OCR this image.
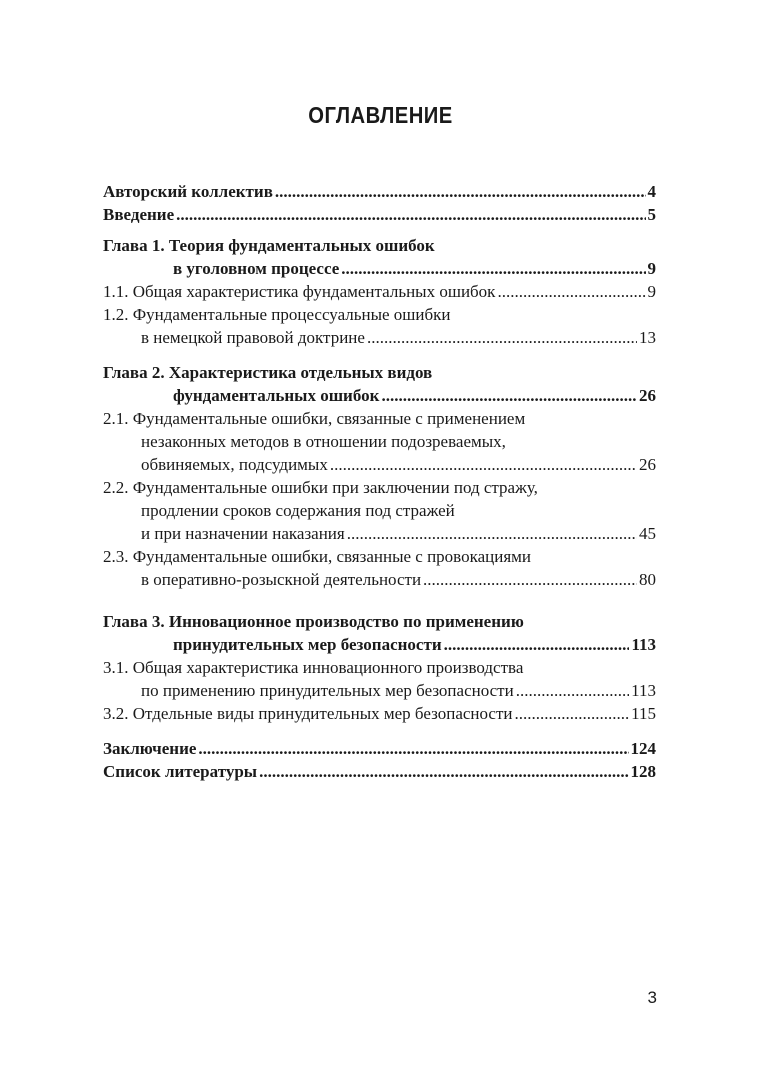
ОГЛАВЛЕНИЕ
Авторский коллектив .....	4
Введение .....	5
Глава 1. Теория фундаментальных ошибок
в уголовном процессе .....	9
1.1. Общая характеристика фундаментальных ошибок .....	9
1.2. Фундаментальные процессуальные ошибки
в немецкой правовой доктрине .....	13
Глава 2. Характеристика отдельных видов
фундаментальных ошибок .....	26
2.1. Фундаментальные ошибки, связанные с применением
незаконных методов в отношении подозреваемых,
обвиняемых, подсудимых .....	26
2.2. Фундаментальные ошибки при заключении под стражу,
продлении сроков содержания под стражей
и при назначении наказания .....	45
2.3. Фундаментальные ошибки, связанные с провокациями
в оперативно-розыскной деятельности .....	80
Глава 3. Инновационное производство по применению
принудительных мер безопасности .....	113
3.1. Общая характеристика инновационного производства
по применению принудительных мер безопасности .....	113
3.2. Отдельные виды принудительных мер безопасности .....	115
Заключение .....	124
Список литературы .....	128
3
